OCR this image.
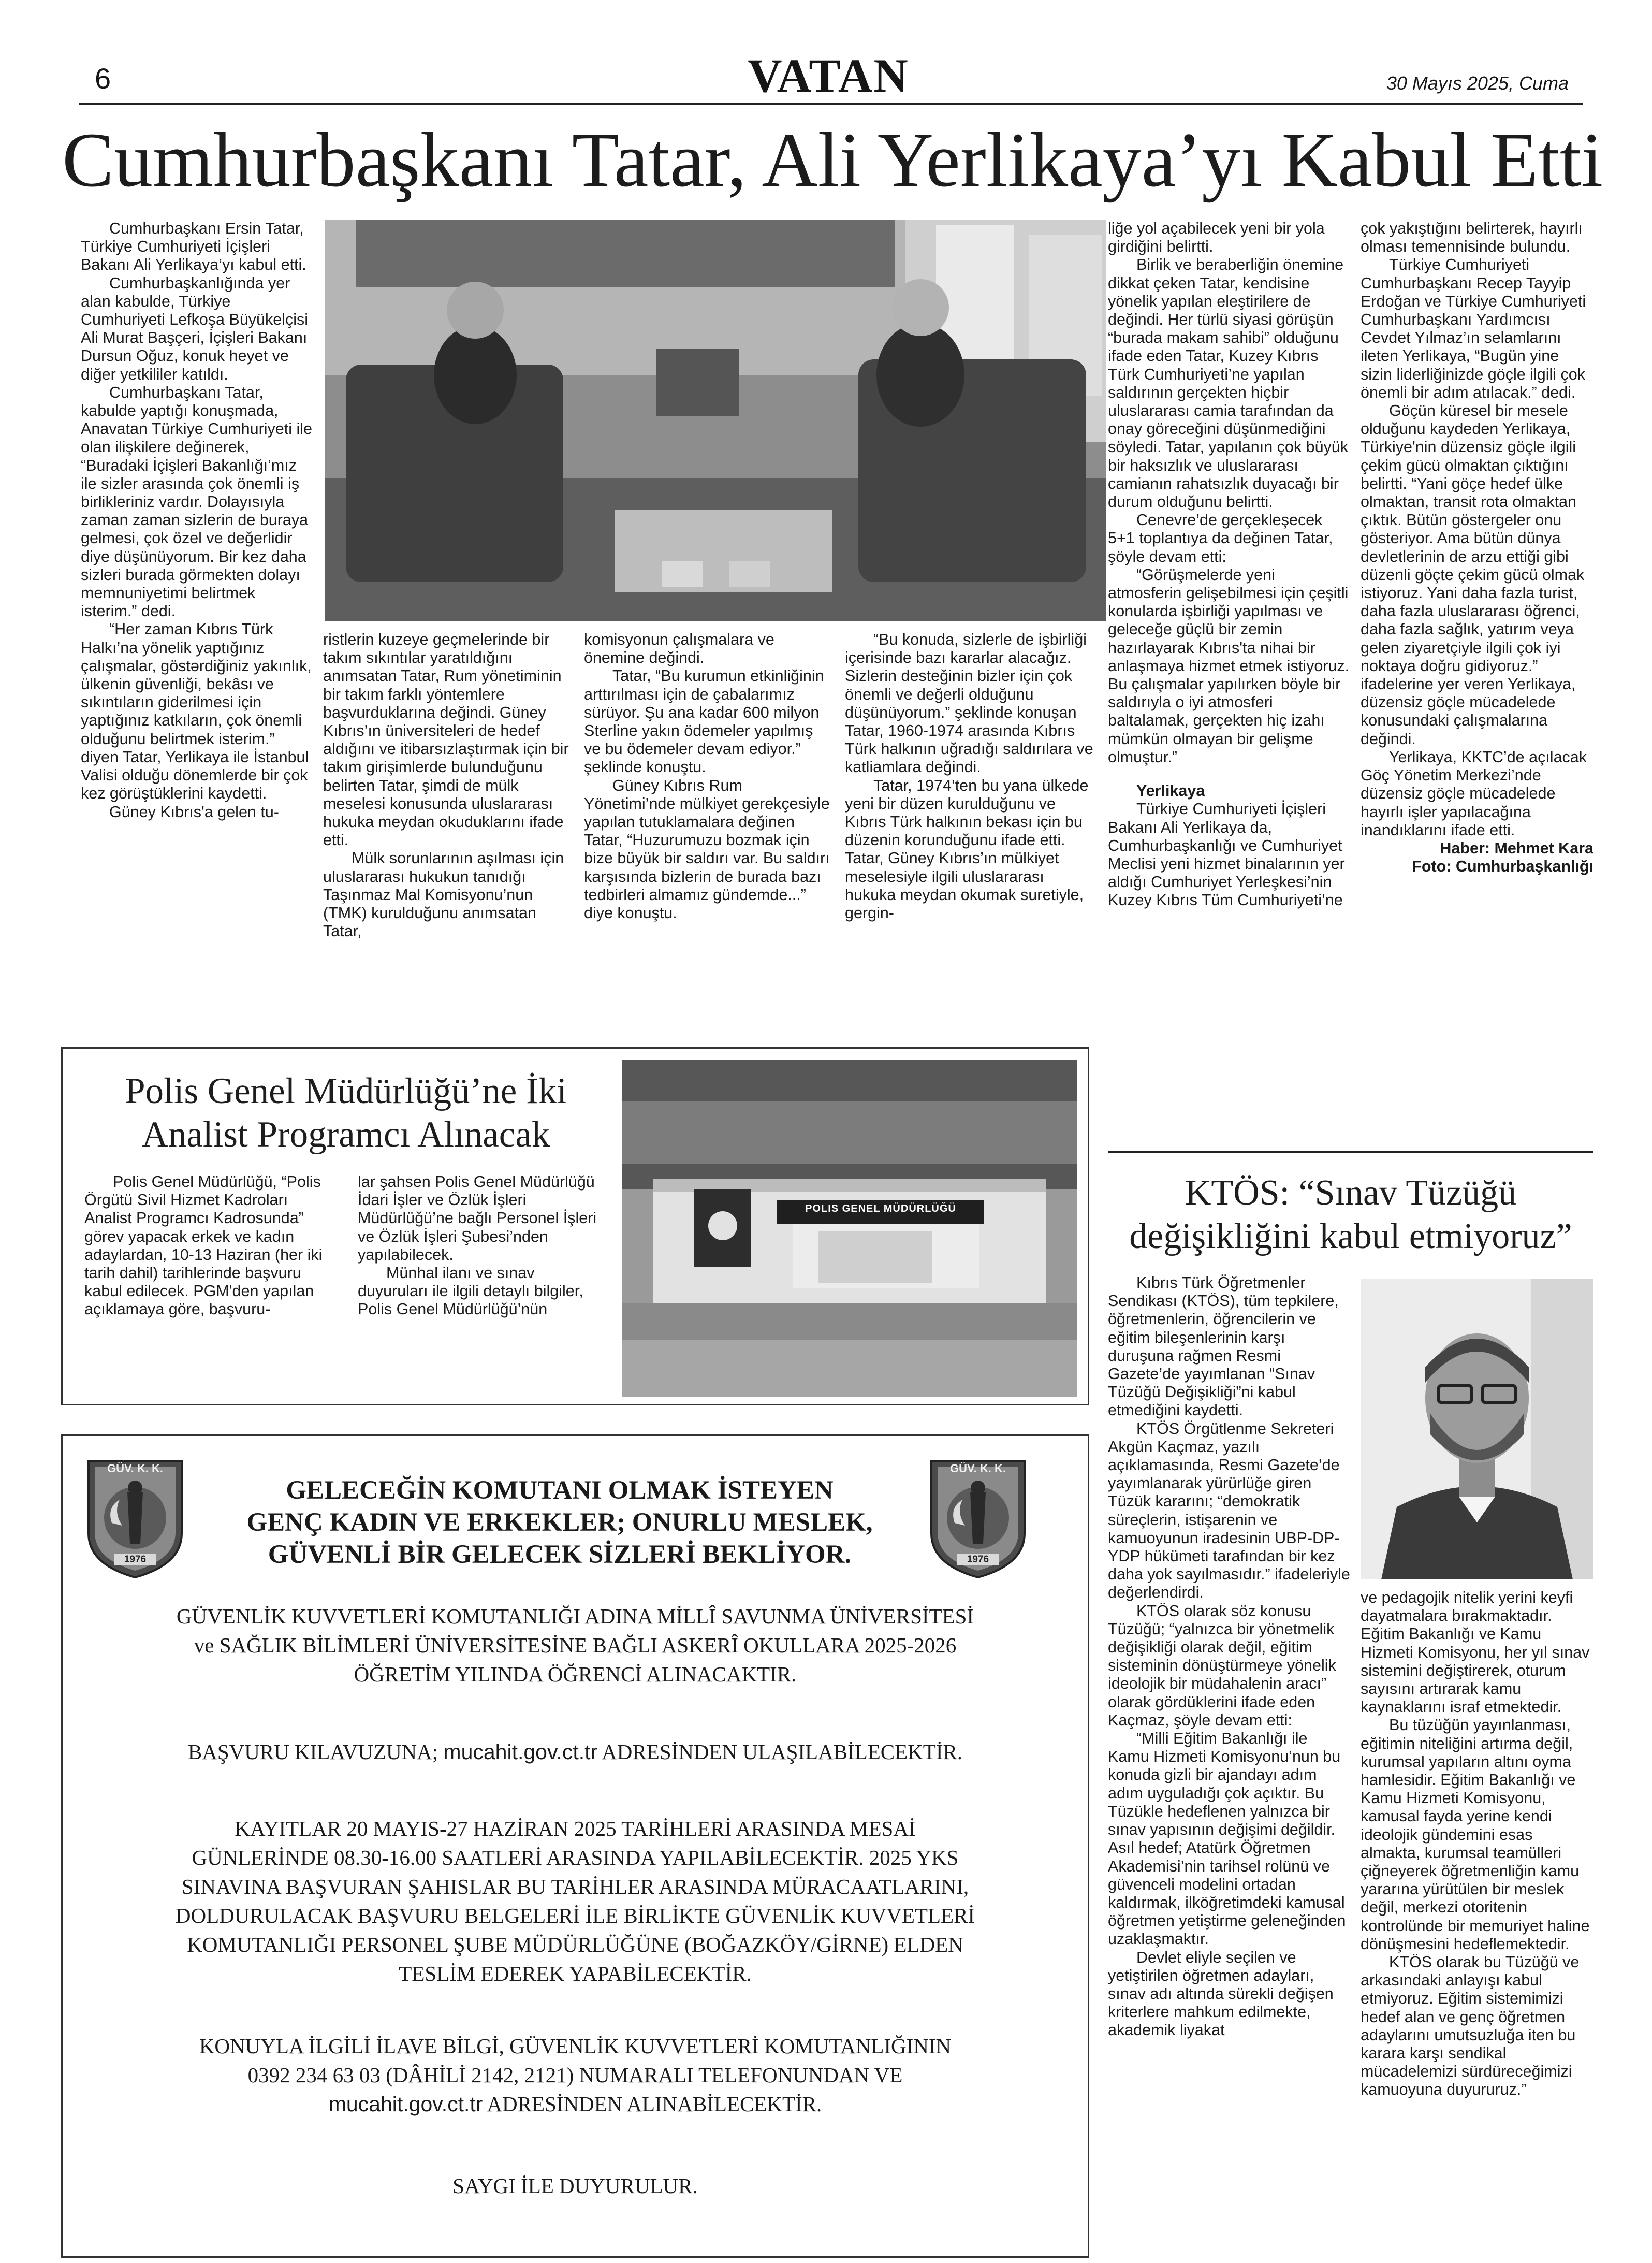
6	VATAN	30 Mayıs 2025, Cuma
Cumhurbaşkanı Tatar, Ali Yerlikaya’yı Kabul Etti

Cumhurbaşkanı Ersin Tatar, Türkiye Cumhuriyeti İçişleri Bakanı Ali Yerlikaya’yı kabul etti.

Cumhurbaşkanlığında yer alan kabulde, Türkiye Cumhuriyeti Lefkoşa Büyükelçisi Ali Murat Başçeri, İçişleri Bakanı Dursun Oğuz, konuk heyet ve diğer yetkililer katıldı.

Cumhurbaşkanı Tatar, kabulde yaptığı konuşmada, Anavatan Türkiye Cumhuriyeti ile olan ilişkilere değinerek, “Buradaki İçişleri Bakanlığı’mız ile sizler arasında çok önemli iş birlikleriniz vardır. Dolayısıyla zaman zaman sizlerin de buraya gelmesi, çok özel ve değerlidir diye düşünüyorum. Bir kez daha sizleri burada görmekten dolayı memnuniyetimi belirtmek isterim.” dedi.

“Her zaman Kıbrıs Türk Halkı’na yönelik yaptığınız çalışmalar, göstərdiğiniz yakınlık, ülkenin güvenliği, bekâsı ve sıkıntıların giderilmesi için yaptığınız katkıların, çok önemli olduğunu belirtmek isterim.” diyen Tatar, Yerlikaya ile İstanbul Valisi olduğu dönemlerde bir çok kez görüştüklerini kaydetti.

Güney Kıbrıs'a gelen tu-

ristlerin kuzeye geçmelerinde bir takım sıkıntılar yaratıldığını anımsatan Tatar, Rum yönetiminin bir takım farklı yöntemlere başvurduklarına değindi. Güney Kıbrıs’ın üniversiteleri de hedef aldığını ve itibarsızlaştırmak için bir takım girişimlerde bulunduğunu belirten Tatar, şimdi de mülk meselesi konusunda uluslararası hukuka meydan okuduklarını ifade etti.

Mülk sorunlarının aşılması için uluslararası hukukun tanıdığı Taşınmaz Mal Komisyonu’nun (TMK) kurulduğunu anımsatan Tatar,

komisyonun çalışmalara ve önemine değindi.

Tatar, “Bu kurumun etkinliğinin arttırılması için de çabalarımız sürüyor. Şu ana kadar 600 milyon Sterline yakın ödemeler yapılmış ve bu ödemeler devam ediyor.” şeklinde konuştu.

Güney Kıbrıs Rum Yönetimi’nde mülkiyet gerekçesiyle yapılan tutuklamalara değinen Tatar, “Huzurumuzu bozmak için bize büyük bir saldırı var. Bu saldırı karşısında bizlerin de burada bazı tedbirleri almamız gündemde...” diye konuştu.

“Bu konuda, sizlerle de işbirliği içerisinde bazı kararlar alacağız. Sizlerin desteğinin bizler için çok önemli ve değerli olduğunu düşünüyorum.” şeklinde konuşan Tatar, 1960-1974 arasında Kıbrıs Türk halkının uğradığı saldırılara ve katliamlara değindi.

Tatar, 1974’ten bu yana ülkede yeni bir düzen kurulduğunu ve Kıbrıs Türk halkının bekası için bu düzenin korunduğunu ifade etti. Tatar, Güney Kıbrıs’ın mülkiyet meselesiyle ilgili uluslararası hukuka meydan okumak suretiyle, gergin-

liğe yol açabilecek yeni bir yola girdiğini belirtti.

Birlik ve beraberliğin önemine dikkat çeken Tatar, kendisine yönelik yapılan eleştirilere de değindi. Her türlü siyasi görüşün “burada makam sahibi” olduğunu ifade eden Tatar, Kuzey Kıbrıs Türk Cumhuriyeti’ne yapılan saldırının gerçekten hiçbir uluslararası camia tarafından da onay göreceğini düşünmediğini söyledi. Tatar, yapılanın çok büyük bir haksızlık ve uluslararası camianın rahatsızlık duyacağı bir durum olduğunu belirtti.

Cenevre’de gerçekleşecek 5+1 toplantıya da değinen Tatar, şöyle devam etti:

“Görüşmelerde yeni atmosferin gelişebilmesi için çeşitli konularda işbirliği yapılması ve geleceğe güçlü bir zemin hazırlayarak Kıbrıs'ta nihai bir anlaşmaya hizmet etmek istiyoruz. Bu çalışmalar yapılırken böyle bir saldırıyla o iyi atmosferi baltalamak, gerçekten hiç izahı mümkün olmayan bir gelişme olmuştur.”

Yerlikaya

Türkiye Cumhuriyeti İçişleri Bakanı Ali Yerlikaya da, Cumhurbaşkanlığı ve Cumhuriyet Meclisi yeni hizmet binalarının yer aldığı Cumhuriyet Yerleşkesi’nin Kuzey Kıbrıs Tüm Cumhuriyeti’ne

çok yakıştığını belirterek, hayırlı olması temennisinde bulundu.

Türkiye Cumhuriyeti Cumhurbaşkanı Recep Tayyip Erdoğan ve Türkiye Cumhuriyeti Cumhurbaşkanı Yardımcısı Cevdet Yılmaz’ın selamlarını ileten Yerlikaya, “Bugün yine sizin liderliğinizde göçle ilgili çok önemli bir adım atılacak.” dedi.

Göçün küresel bir mesele olduğunu kaydeden Yerlikaya, Türkiye'nin düzensiz göçle ilgili çekim gücü olmaktan çıktığını belirtti. “Yani göçe hedef ülke olmaktan, transit rota olmaktan çıktık. Bütün göstergeler onu gösteriyor. Ama bütün dünya devletlerinin de arzu ettiği gibi düzenli göçte çekim gücü olmak istiyoruz. Yani daha fazla turist, daha fazla uluslararası öğrenci, daha fazla sağlık, yatırım veya gelen ziyaretçiyle ilgili çok iyi noktaya doğru gidiyoruz.” ifadelerine yer veren Yerlikaya, düzensiz göçle mücadelede konusundaki çalışmalarına değindi.

Yerlikaya, KKTC’de açılacak Göç Yönetim Merkezi’nde düzensiz göçle mücadelede hayırlı işler yapılacağına inandıklarını ifade etti.

Haber: Mehmet Kara

Foto: Cumhurbaşkanlığı

Polis Genel Müdürlüğü’ne İki
Analist Programcı Alınacak

Polis Genel Müdürlüğü, “Polis Örgütü Sivil Hizmet Kadroları Analist Programcı Kadrosunda” görev yapacak erkek ve kadın adaylardan, 10-13 Haziran (her iki tarih dahil) tarihlerinde başvuru kabul edilecek. PGM'den yapılan açıklamaya göre, başvuru-

lar şahsen Polis Genel Müdürlüğü İdari İşler ve Özlük İşleri Müdürlüğü’ne bağlı Personel İşleri ve Özlük İşleri Şubesi’nden yapılabilecek.

Münhal ilanı ve sınav duyuruları ile ilgili detaylı bilgiler, Polis Genel Müdürlüğü’nün

POLIS GENEL MÜDÜRLÜĞÜ	KTÖS: “Sınav Tüzüğü
değişikliğini kabul etmiyoruz”

Kıbrıs Türk Öğretmenler Sendikası (KTÖS), tüm tepkilere, öğretmenlerin, öğrencilerin ve eğitim bileşenlerinin karşı duruşuna rağmen Resmi Gazete’de yayımlanan “Sınav Tüzüğü Değişikliği”ni kabul etmediğini kaydetti.

KTÖS Örgütlenme Sekreteri Akgün Kaçmaz, yazılı açıklamasında, Resmi Gazete’de yayımlanarak yürürlüğe giren Tüzük kararını; “demokratik süreçlerin, istişarenin ve kamuoyunun iradesinin UBP-DP-YDP hükümeti tarafından bir kez daha yok sayılmasıdır.” ifadeleriyle değerlendirdi.

KTÖS olarak söz konusu Tüzüğü; “yalnızca bir yönetmelik değişikliği olarak değil, eğitim sisteminin dönüştürmeye yönelik ideolojik bir müdahalenin aracı” olarak gördüklerini ifade eden Kaçmaz, şöyle devam etti:

“Milli Eğitim Bakanlığı ile Kamu Hizmeti Komisyonu’nun bu konuda gizli bir ajandayı adım adım uyguladığı çok açıktır. Bu Tüzükle hedeflenen yalnızca bir sınav yapısının değişimi değildir. Asıl hedef; Atatürk Öğretmen Akademisi’nin tarihsel rolünü ve güvenceli modelini ortadan kaldırmak, ilköğretimdeki kamusal öğretmen yetiştirme geleneğinden uzaklaşmaktır.

Devlet eliyle seçilen ve yetiştirilen öğretmen adayları, sınav adı altında sürekli değişen kriterlere mahkum edilmekte, akademik liyakat

ve pedagojik nitelik yerini keyfi dayatmalara bırakmaktadır. Eğitim Bakanlığı ve Kamu Hizmeti Komisyonu, her yıl sınav sistemini değiştirerek, oturum sayısını artırarak kamu kaynaklarını israf etmektedir.

Bu tüzüğün yayınlanması, eğitimin niteliğini artırma değil, kurumsal yapıların altını oyma hamlesidir. Eğitim Bakanlığı ve Kamu Hizmeti Komisyonu, kamusal fayda yerine kendi ideolojik gündemini esas almakta, kurumsal teamülleri çiğneyerek öğretmenliğin kamu yararına yürütülen bir meslek değil, merkezi otoritenin kontrolünde bir memuriyet haline dönüşmesini hedeflemektedir.

KTÖS olarak bu Tüzüğü ve arkasındaki anlayışı kabul etmiyoruz. Eğitim sistemimizi hedef alan ve genç öğretmen adaylarını umutsuzluğa iten bu karara karşı sendikal mücadelemizi sürdüreceğimizi kamuoyuna duyururuz.”

GÜV. K. K.
1976
GÜV. K. K.
1976
GELECEĞİN KOMUTANI OLMAK İSTEYEN
GENÇ KADIN VE ERKEKLER; ONURLU MESLEK,
GÜVENLİ BİR GELECEK SİZLERİ BEKLİYOR.
GÜVENLİK KUVVETLERİ KOMUTANLIĞI ADINA MİLLÎ SAVUNMA ÜNİVERSİTESİ
ve SAĞLIK BİLİMLERİ ÜNİVERSİTESİNE BAĞLI ASKERÎ OKULLARA 2025-2026
ÖĞRETİM YILINDA ÖĞRENCİ ALINACAKTIR.
BAŞVURU KILAVUZUNA; mucahit.gov.ct.tr ADRESİNDEN ULAŞILABİLECEKTİR.
KAYITLAR 20 MAYIS-27 HAZİRAN 2025 TARİHLERİ ARASINDA MESAİ
GÜNLERİNDE 08.30-16.00 SAATLERİ ARASINDA YAPILABİLECEKTİR. 2025 YKS
SINAVINA BAŞVURAN ŞAHISLAR BU TARİHLER ARASINDA MÜRACAATLARINI,
DOLDURULACAK BAŞVURU BELGELERİ İLE BİRLİKTE GÜVENLİK KUVVETLERİ
KOMUTANLIĞI PERSONEL ŞUBE MÜDÜRLÜĞÜNE (BOĞAZKÖY/GİRNE) ELDEN
TESLİM EDEREK YAPABİLECEKTİR.
KONUYLA İLGİLİ İLAVE BİLGİ, GÜVENLİK KUVVETLERİ KOMUTANLIĞININ
0392 234 63 03 (DÂHİLİ 2142, 2121) NUMARALI TELEFONUNDAN VE
mucahit.gov.ct.tr ADRESİNDEN ALINABİLECEKTİR.
SAYGI İLE DUYURULUR.
